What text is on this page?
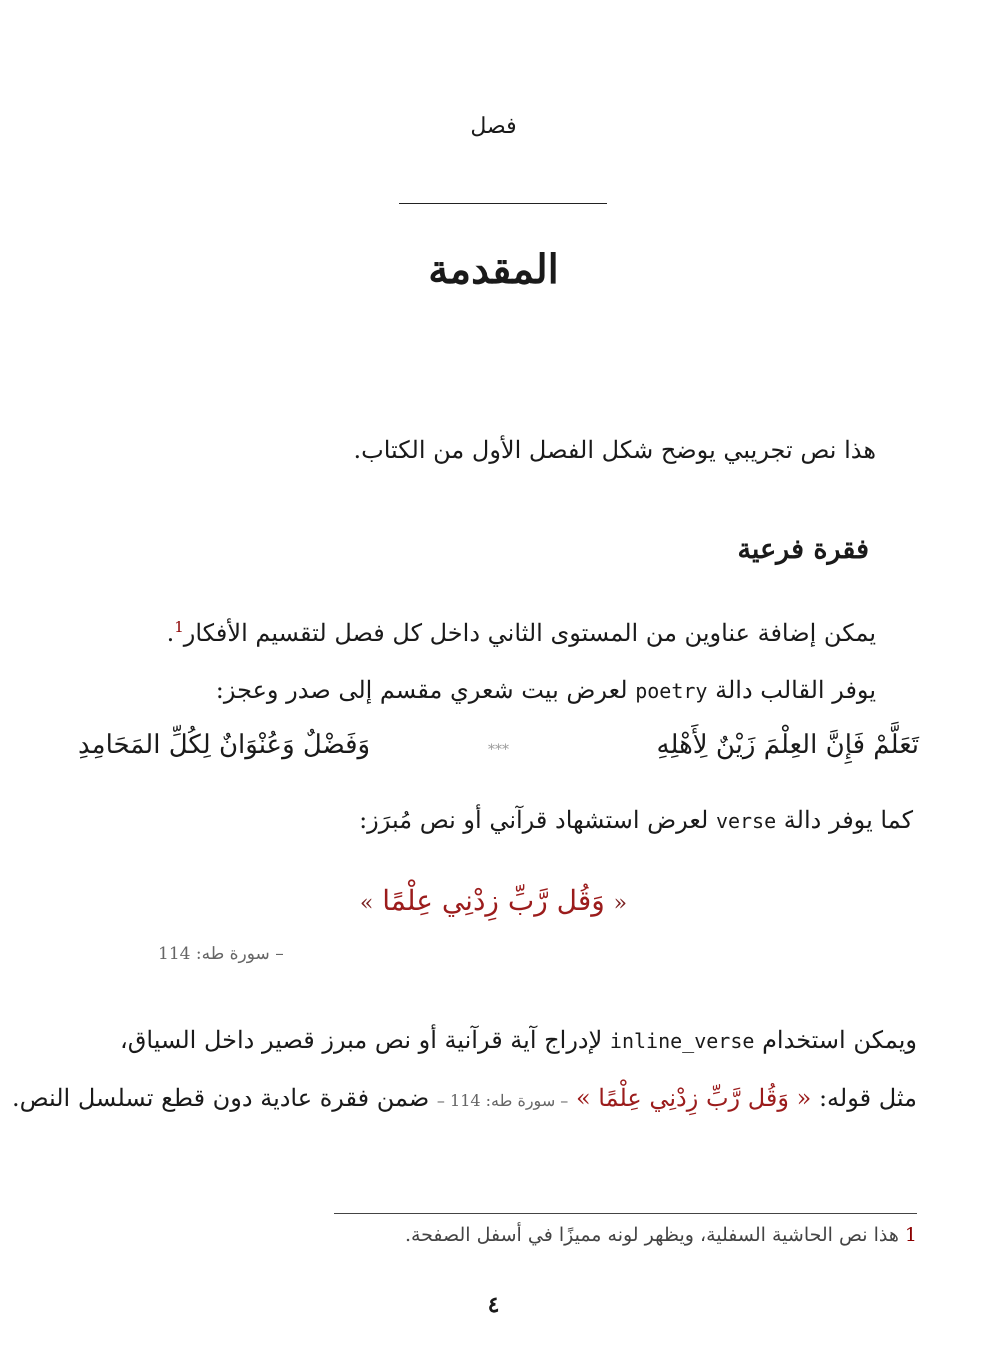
فصل
المقدمة
هذا نص تجريبي يوضح شكل الفصل الأول من الكتاب.
فقرة فرعية
يمكن إضافة عناوين من المستوى الثاني داخل كل فصل لتقسيم الأفكار$^1$.
يوفر القالب دالة poetry لعرض بيت شعري مقسم إلى صدر وعجز:
تَعَلَّمْ فَإِنَّ العِلْمَ زَيْنٌ لِأَهْلِهِ
***
وَفَضْلٌ وَعُنْوَانٌ لِكُلِّ المَحَامِدِ
كما يوفر دالة verse لعرض استشهاد قرآني أو نص مُبرَز:
« وَقُل رَّبِّ زِدْنِي عِلْمًا »
– سورة طه: 114
ويمكن استخدام inline_verse لإدراج آية قرآنية أو نص مبرز قصير داخل السياق،
مثل قوله: « وَقُل رَّبِّ زِدْنِي عِلْمًا » – سورة طه: 114 – ضمن فقرة عادية دون قطع تسلسل النص.
1 هذا نص الحاشية السفلية، ويظهر لونه مميزًا في أسفل الصفحة.
٤
